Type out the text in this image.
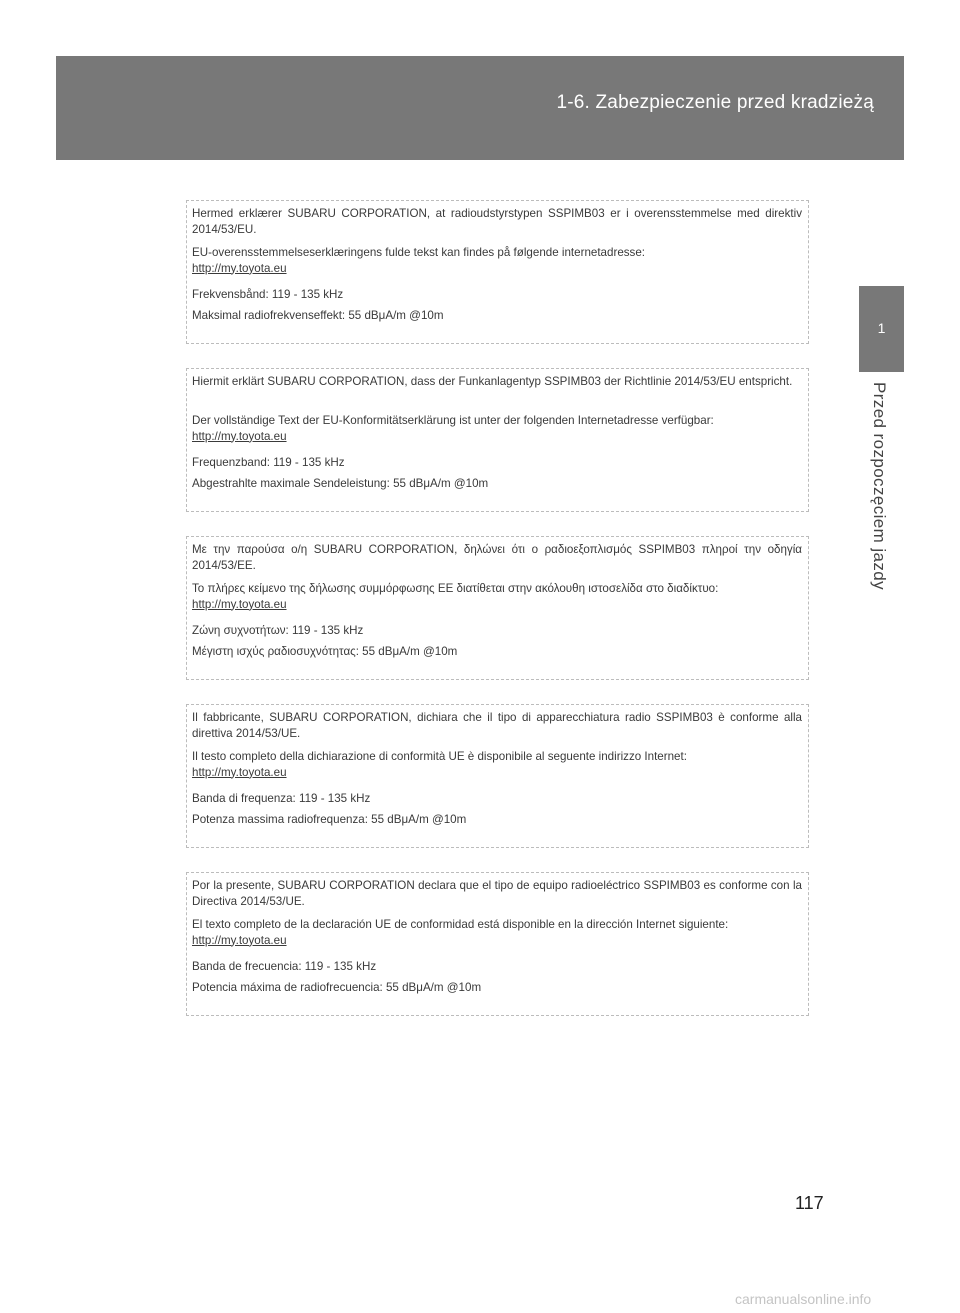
1-6. Zabezpieczenie przed kradzieżą
1
Przed rozpoczęciem jazdy

Hermed erklærer SUBARU CORPORATION, at radioudstyrstypen SSPIMB03 er i overensstemmelse med direktiv 2014/53/EU.

EU-overensstemmelseserklæringens fulde tekst kan findes på følgende internetadresse:

http://my.toyota.eu

Frekvensbånd: 119 - 135 kHz

Maksimal radiofrekvenseffekt: 55 dBμA/m @10m

Hiermit erklärt SUBARU CORPORATION, dass der Funkanlagentyp SSPIMB03 der Richtlinie 2014/53/EU entspricht.

Der vollständige Text der EU-Konformitätserklärung ist unter der folgenden Internetadresse verfügbar:

http://my.toyota.eu

Frequenzband: 119 - 135 kHz

Abgestrahlte maximale Sendeleistung: 55 dBμA/m @10m

Με την παρούσα ο/η SUBARU CORPORATION, δηλώνει ότι ο ραδιοεξοπλισμός SSPIMB03 πληροί την οδηγία 2014/53/ΕΕ.

Το πλήρες κείμενο της δήλωσης συμμόρφωσης ΕΕ διατίθεται στην ακόλουθη ιστοσελίδα στο διαδίκτυο:

http://my.toyota.eu

Ζώνη συχνοτήτων: 119 - 135 kHz

Μέγιστη ισχύς ραδιοσυχνότητας: 55 dBμA/m @10m

Il fabbricante, SUBARU CORPORATION, dichiara che il tipo di apparecchiatura radio SSPIMB03 è conforme alla direttiva 2014/53/UE.

Il testo completo della dichiarazione di conformità UE è disponibile al seguente indirizzo Internet:

http://my.toyota.eu

Banda di frequenza: 119 - 135 kHz

Potenza massima radiofrequenza: 55 dBμA/m @10m

Por la presente, SUBARU CORPORATION declara que el tipo de equipo radioeléctrico SSPIMB03 es conforme con la Directiva 2014/53/UE.

El texto completo de la declaración UE de conformidad está disponible en la dirección Internet siguiente:

http://my.toyota.eu

Banda de frecuencia: 119 - 135 kHz

Potencia máxima de radiofrecuencia: 55 dBμA/m @10m

117
carmanualsonline.info
